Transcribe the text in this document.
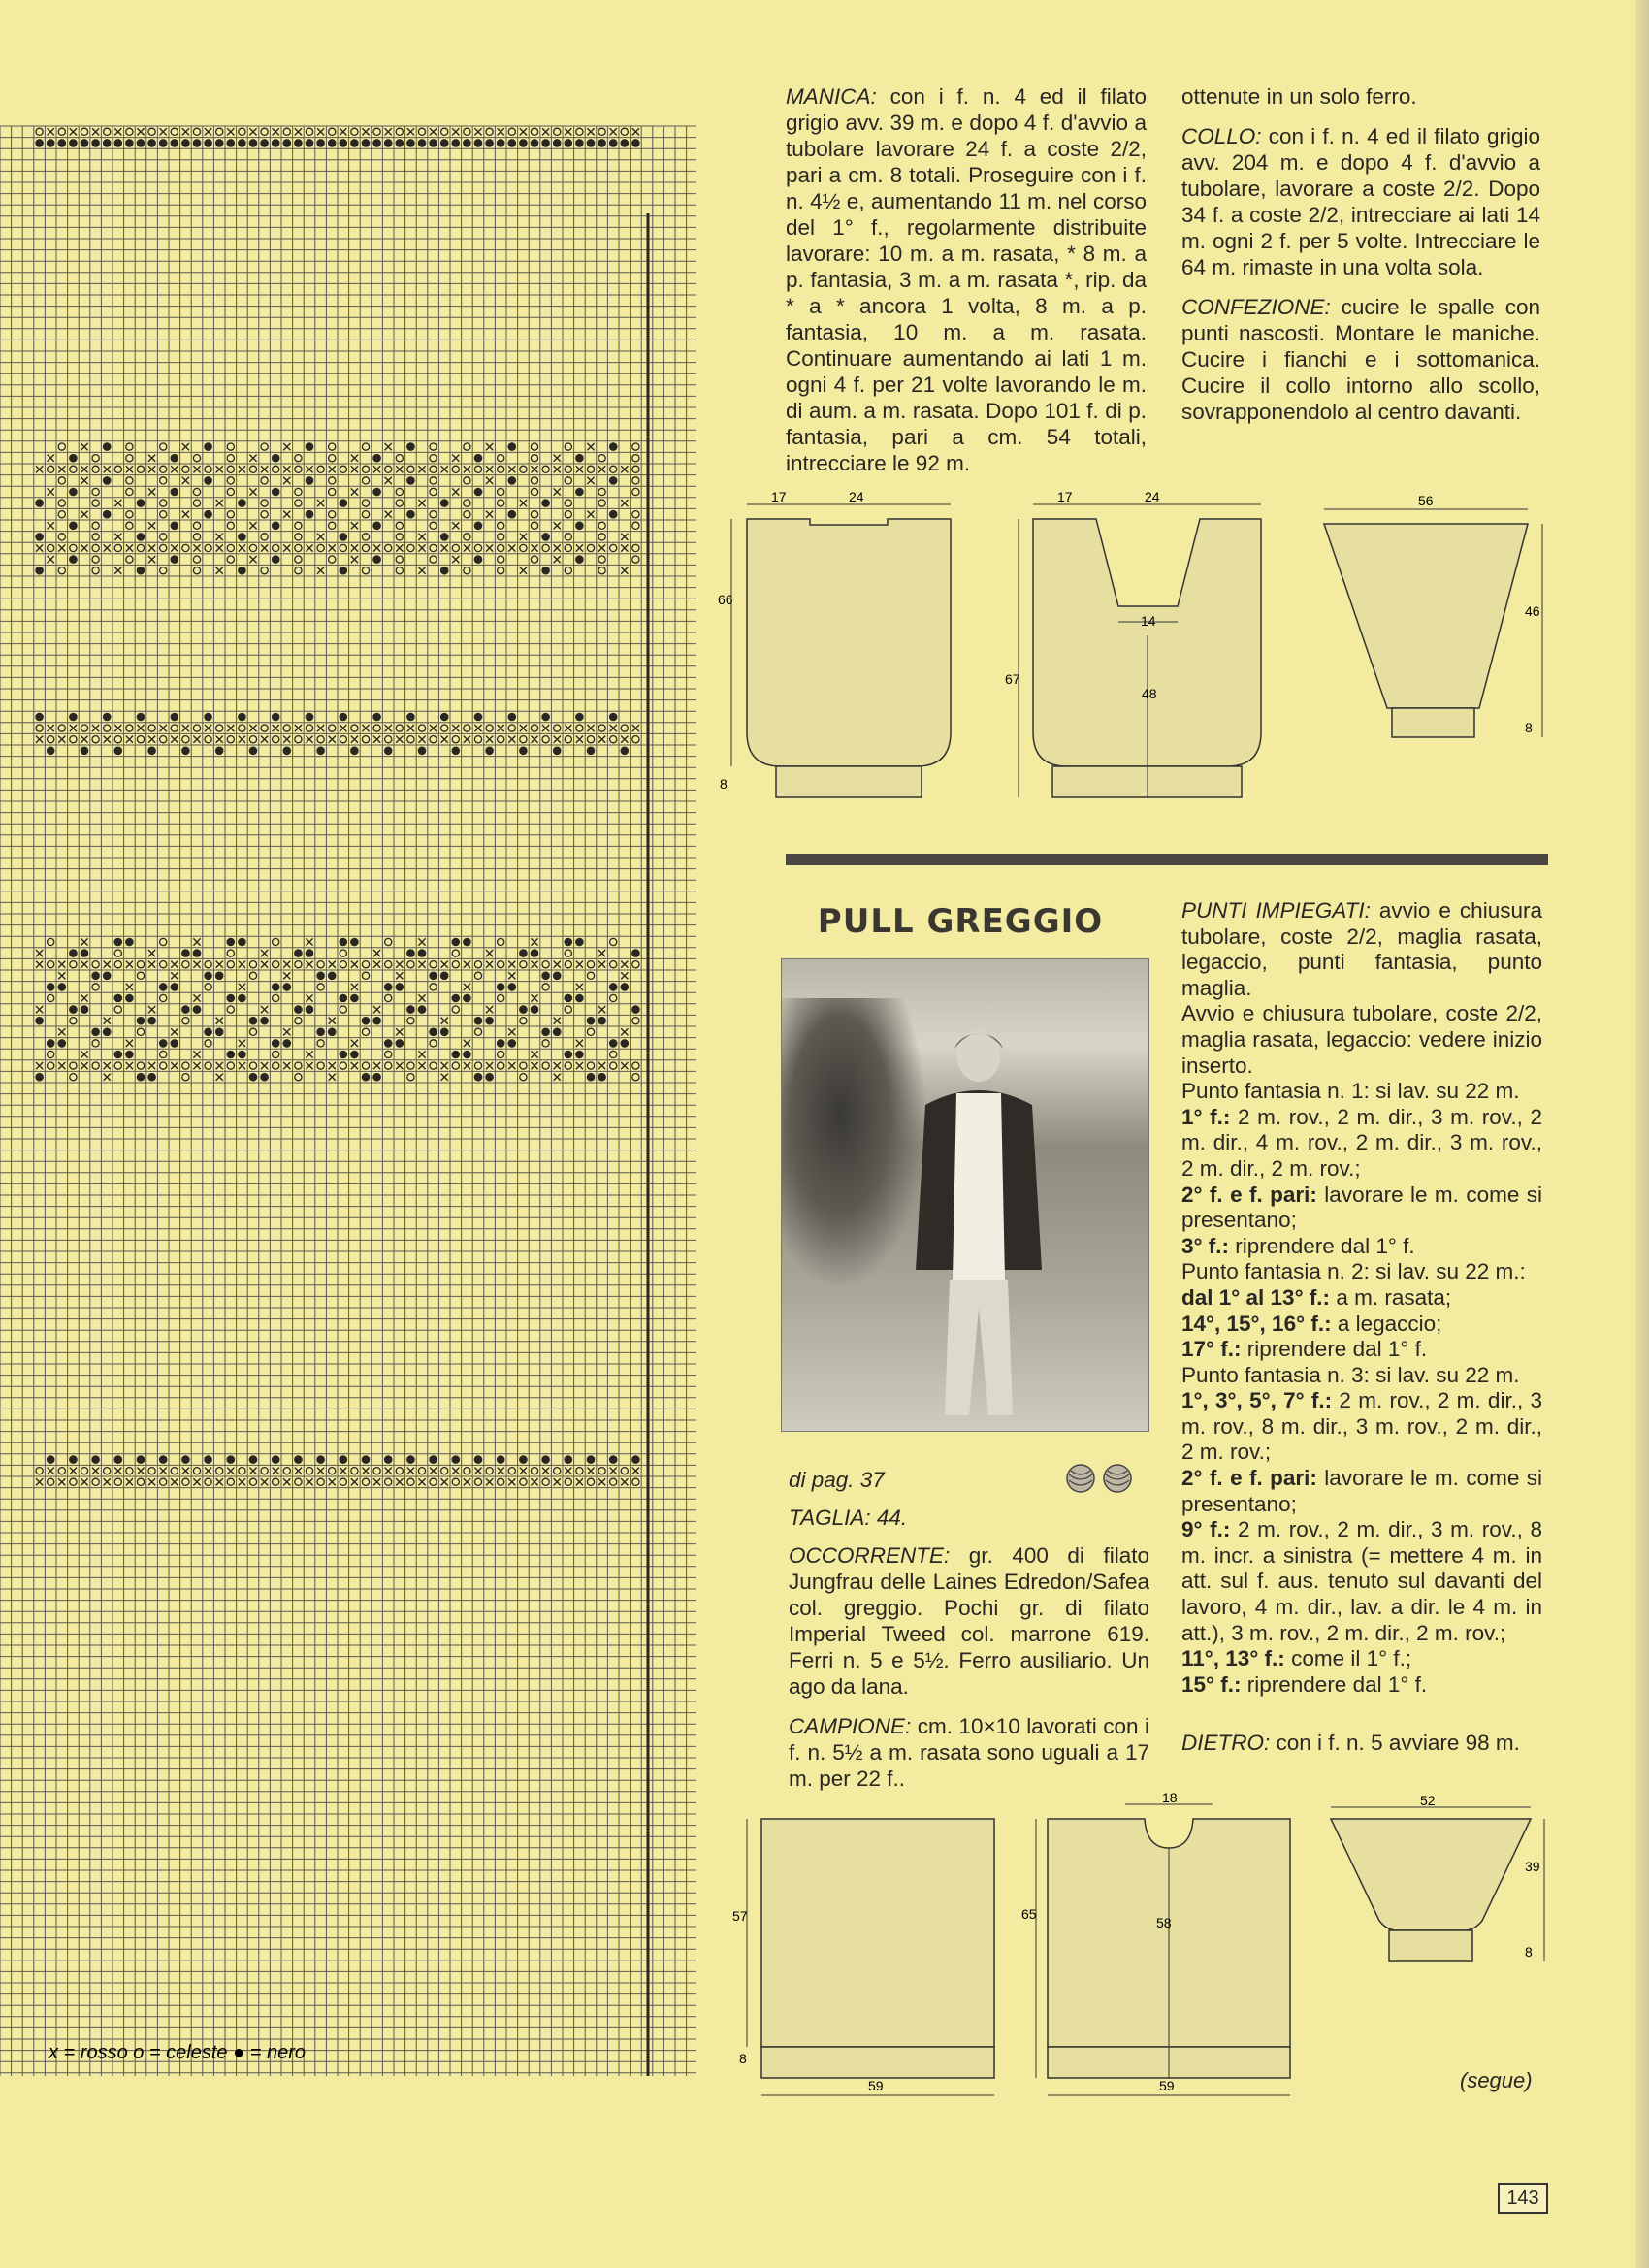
x = rosso o = celeste ● = nero

MANICA: con i f. n. 4 ed il filato grigio avv. 39 m. e dopo 4 f. d'avvio a tubolare lavorare 24 f. a coste 2/2, pari a cm. 8 totali. Proseguire con i f. n. 4½ e, aumentando 11 m. nel corso del 1° f., regolarmente distribuite lavorare: 10 m. a m. rasata, * 8 m. a p. fantasia, 3 m. a m. rasata *, rip. da * a * ancora 1 volta, 8 m. a p. fantasia, 10 m. a m. rasata. Continuare aumentando ai lati 1 m. ogni 4 f. per 21 volte lavorando le m. di aum. a m. rasata. Dopo 101 f. di p. fantasia, pari a cm. 54 totali, intrecciare le 92 m.

ottenute in un solo ferro.

COLLO: con i f. n. 4 ed il filato grigio avv. 204 m. e dopo 4 f. d'avvio a tubolare, lavorare a coste 2/2. Dopo 34 f. a coste 2/2, intrecciare ai lati 14 m. ogni 2 f. per 5 volte. Intrecciare le 64 m. rimaste in una volta sola.

CONFEZIONE: cucire le spalle con punti nascosti. Montare le maniche. Cucire i fianchi e i sottomanica. Cucire il collo intorno allo scollo, sovrapponendolo al centro davanti.

17	24
66
8
17	24
14
48
67
56
46
8
PULL GREGGIO

di pag. 37

TAGLIA: 44.

OCCORRENTE: gr. 400 di filato Jungfrau delle Laines Edredon/Safea col. greggio. Pochi gr. di filato Imperial Tweed col. marrone 619. Ferri n. 5 e 5½. Ferro ausiliario. Un ago da lana.

CAMPIONE: cm. 10×10 lavorati con i f. n. 5½ a m. rasata sono uguali a 17 m. per 22 f..

PUNTI IMPIEGATI: avvio e chiusura tubolare, coste 2/2, maglia rasata, legaccio, punti fantasia, punto maglia.
Avvio e chiusura tubolare, coste 2/2, maglia rasata, legaccio: vedere inizio inserto.
Punto fantasia n. 1: si lav. su 22 m.
1° f.: 2 m. rov., 2 m. dir., 3 m. rov., 2 m. dir., 4 m. rov., 2 m. dir., 3 m. rov., 2 m. dir., 2 m. rov.;
2° f. e f. pari: lavorare le m. come si presentano;
3° f.: riprendere dal 1° f.
Punto fantasia n. 2: si lav. su 22 m.:
dal 1° al 13° f.: a m. rasata;
14°, 15°, 16° f.: a legaccio;
17° f.: riprendere dal 1° f.
Punto fantasia n. 3: si lav. su 22 m.
1°, 3°, 5°, 7° f.: 2 m. rov., 2 m. dir., 3 m. rov., 8 m. dir., 3 m. rov., 2 m. dir., 2 m. rov.;
2° f. e f. pari: lavorare le m. come si presentano;
9° f.: 2 m. rov., 2 m. dir., 3 m. rov., 8 m. incr. a sinistra (= mettere 4 m. in att. sul f. aus. tenuto sul davanti del lavoro, 4 m. dir., lav. a dir. le 4 m. in att.), 3 m. rov., 2 m. dir., 2 m. rov.;
11°, 13° f.: come il 1° f.;
15° f.: riprendere dal 1° f.
DIETRO: con i f. n. 5 avviare 98 m.
57
8
59
18
58
65
59
52
39
8
(segue)
143
